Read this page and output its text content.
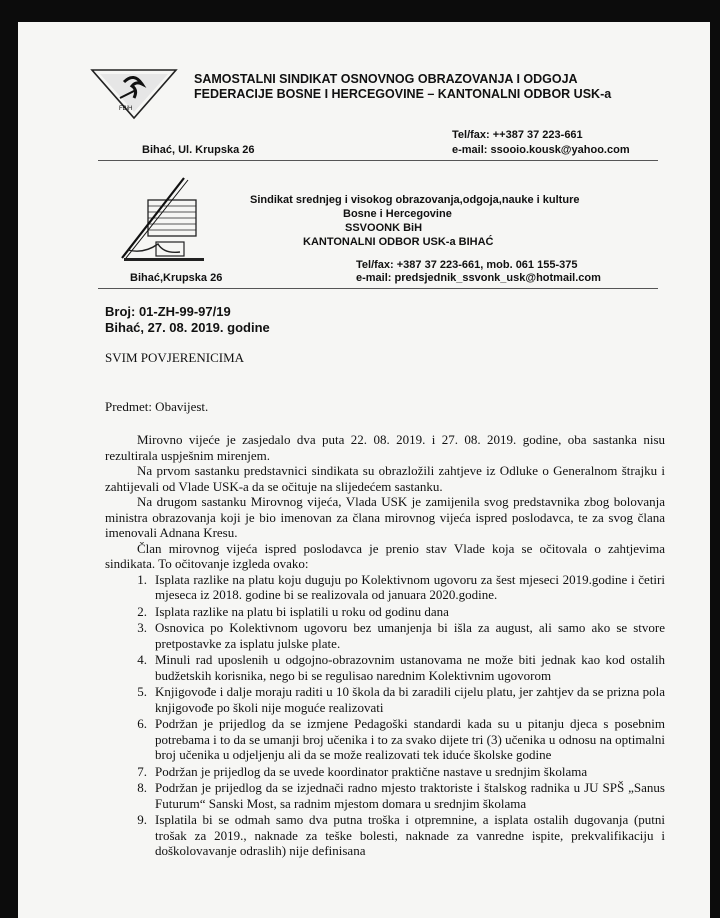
FBiH
SAMOSTALNI SINDIKAT OSNOVNOG OBRAZOVANJA I ODGOJA
FEDERACIJE BOSNE I HERCEGOVINE – KANTONALNI ODBOR USK-a
Tel/fax: ++387 37 223-661
Bihać, Ul. Krupska 26	e-mail: ssooio.kousk@yahoo.com
Sindikat srednjeg i visokog obrazovanja,odgoja,nauke i kulture
Bosne i Hercegovine
SSVOONK BiH
KANTONALNI ODBOR USK-a BIHAĆ
Tel/fax: +387 37 223-661, mob. 061 155-375
Bihać,Krupska 26	e-mail: predsjednik_ssvonk_usk@hotmail.com
Broj: 01-ZH-99-97/19
Bihać, 27. 08. 2019. godine
SVIM POVJERENICIMA
Predmet: Obavijest.

Mirovno vijeće je zasjedalo dva puta 22. 08. 2019. i 27. 08. 2019. godine, oba sastanka nisu rezultirala uspješnim mirenjem.

Na prvom sastanku predstavnici sindikata su obrazložili zahtjeve iz Odluke o Generalnom štrajku i zahtijevali od Vlade USK-a da se očituje na slijedećem sastanku.

Na drugom sastanku Mirovnog vijeća, Vlada USK je zamijenila svog predstavnika zbog bolovanja ministra obrazovanja koji je bio imenovan za člana mirovnog vijeća ispred poslodavca, te za svog člana imenovali Adnana Kresu.

Član mirovnog vijeća ispred poslodavca je prenio stav Vlade koja se očitovala o zahtjevima sindikata. To očitovanje izgleda ovako:

1. Isplata razlike na platu koju duguju po Kolektivnom ugovoru za šest mjeseci 2019.godine i četiri mjeseca iz 2018. godine bi se realizovala od januara 2020.godine.
2. Isplata razlike na platu bi isplatili u roku od godinu dana
3. Osnovica po Kolektivnom ugovoru bez umanjenja bi išla za august, ali samo ako se stvore pretpostavke za isplatu julske plate.
4. Minuli rad uposlenih u odgojno-obrazovnim ustanovama ne može biti jednak kao kod ostalih budžetskih korisnika, nego bi se regulisao narednim Kolektivnim ugovorom
5. Knjigovođe i dalje moraju raditi u 10 škola da bi zaradili cijelu platu, jer zahtjev da se prizna pola knjigovođe po školi nije moguće realizovati
6. Podržan je prijedlog da se izmjene Pedagoški standardi kada su u pitanju djeca s posebnim potrebama i to da se umanji broj učenika i to za svako dijete tri (3) učenika u odnosu na optimalni broj učenika u odjeljenju ali da se može realizovati tek iduće školske godine
7. Podržan je prijedlog da se uvede koordinator praktične nastave u srednjim školama
8. Podržan je prijedlog da se izjednači radno mjesto traktoriste i štalskog radnika u JU SPŠ „Sanus Futurum“ Sanski Most, sa radnim mjestom domara u srednjim školama
9. Isplatila bi se odmah samo dva putna troška i otpremnine, a isplata ostalih dugovanja (putni trošak za 2019., naknade za teške bolesti, naknade za vanredne ispite, prekvalifikaciju i doškolovavanje odraslih) nije definisana
